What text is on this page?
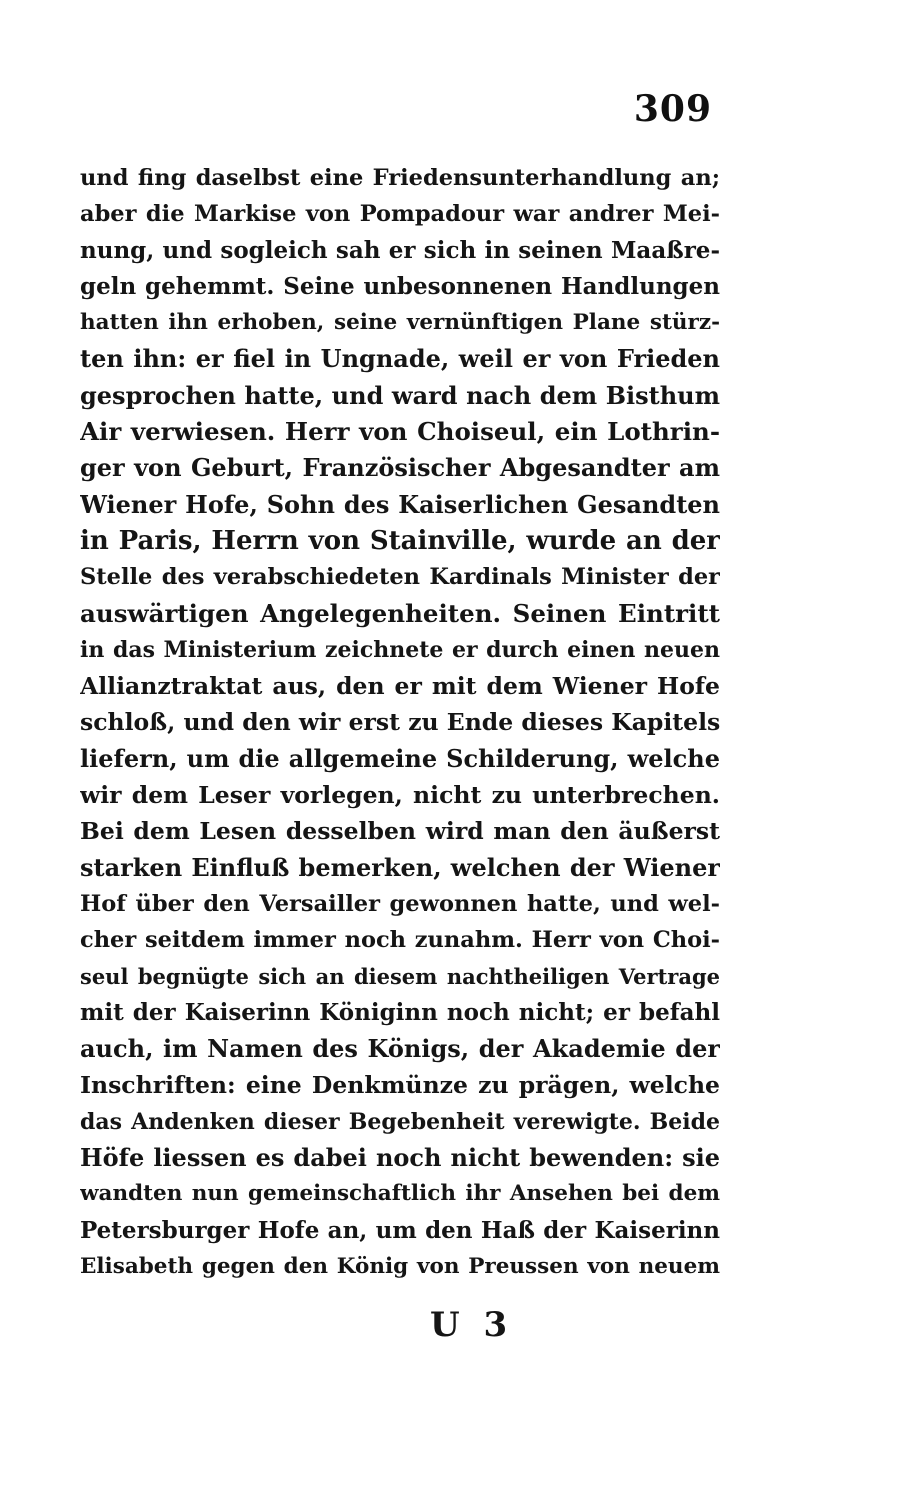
309
und fing daselbst eine Friedensunterhandlung an;
aber die Markise von Pompadour war andrer Mei-
nung, und sogleich sah er sich in seinen Maaßre-
geln gehemmt. Seine unbesonnenen Handlungen
hatten ihn erhoben, seine vernünftigen Plane stürz-
ten ihn: er fiel in Ungnade, weil er von Frieden
gesprochen hatte, und ward nach dem Bisthum
Air verwiesen. Herr von Choiseul, ein Lothrin-
ger von Geburt, Französischer Abgesandter am
Wiener Hofe, Sohn des Kaiserlichen Gesandten
in Paris, Herrn von Stainville, wurde an der
Stelle des verabschiedeten Kardinals Minister der
auswärtigen Angelegenheiten. Seinen Eintritt
in das Ministerium zeichnete er durch einen neuen
Allianztraktat aus, den er mit dem Wiener Hofe
schloß, und den wir erst zu Ende dieses Kapitels
liefern, um die allgemeine Schilderung, welche
wir dem Leser vorlegen, nicht zu unterbrechen.
Bei dem Lesen desselben wird man den äußerst
starken Einfluß bemerken, welchen der Wiener
Hof über den Versailler gewonnen hatte, und wel-
cher seitdem immer noch zunahm. Herr von Choi-
seul begnügte sich an diesem nachtheiligen Vertrage
mit der Kaiserinn Königinn noch nicht; er befahl
auch, im Namen des Königs, der Akademie der
Inschriften: eine Denkmünze zu prägen, welche
das Andenken dieser Begebenheit verewigte. Beide
Höfe liessen es dabei noch nicht bewenden: sie
wandten nun gemeinschaftlich ihr Ansehen bei dem
Petersburger Hofe an, um den Haß der Kaiserinn
Elisabeth gegen den König von Preussen von neuem
U 3
